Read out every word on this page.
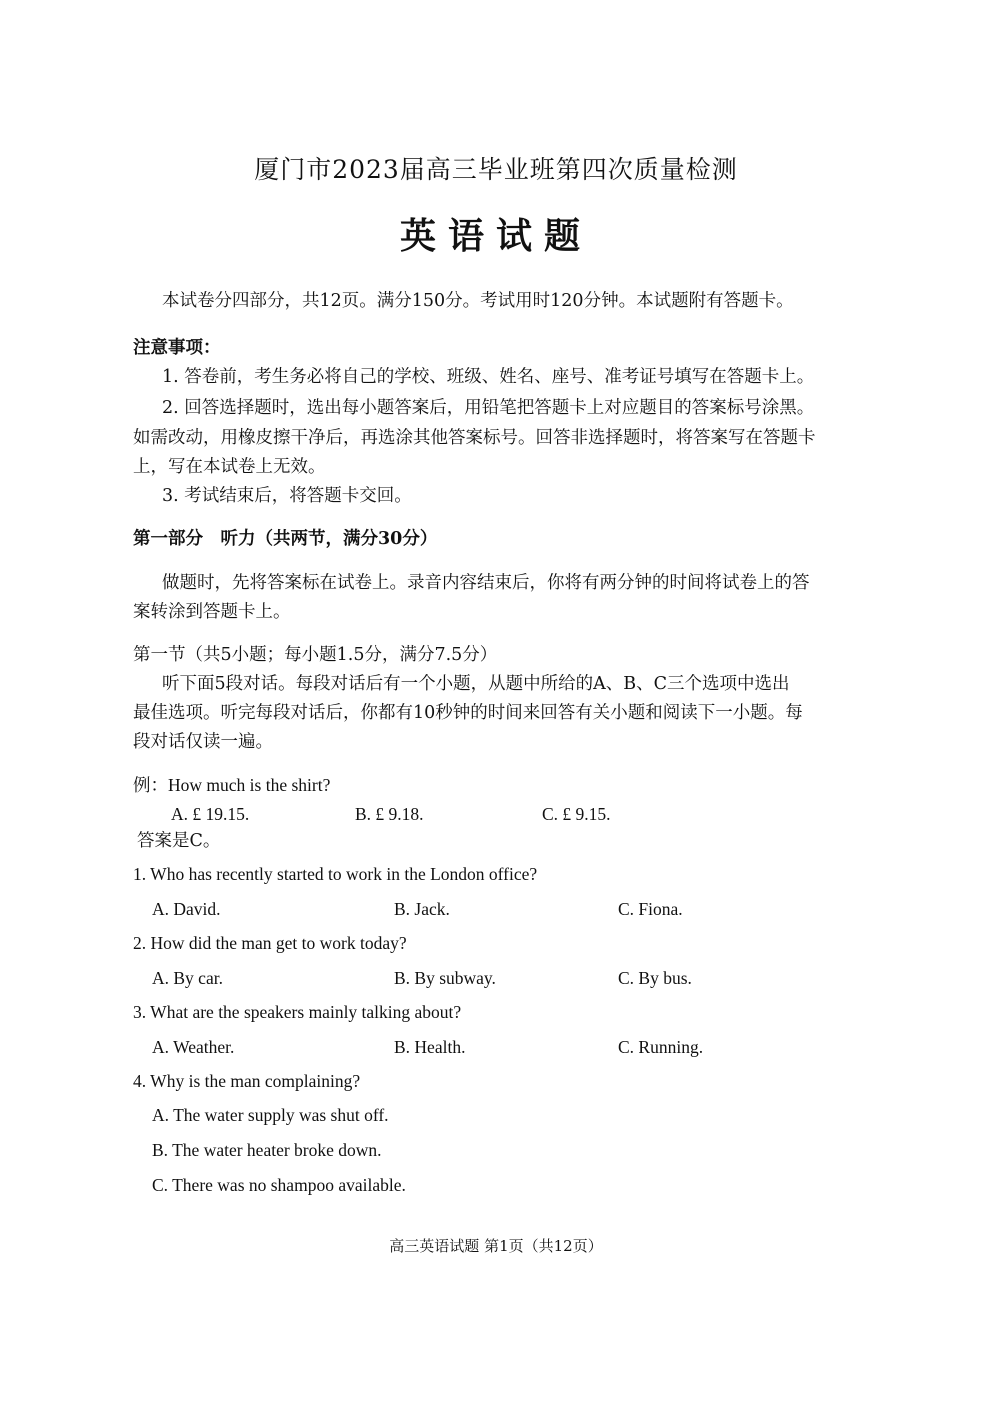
厦门市2023届高三毕业班第四次质量检测
英语试题
本试卷分四部分，共12页。满分150分。考试用时120分钟。本试题附有答题卡。
注意事项：
1. 答卷前，考生务必将自己的学校、班级、姓名、座号、准考证号填写在答题卡上。
2. 回答选择题时，选出每小题答案后，用铅笔把答题卡上对应题目的答案标号涂黑。
如需改动，用橡皮擦干净后，再选涂其他答案标号。回答非选择题时，将答案写在答题卡
上，写在本试卷上无效。
3. 考试结束后，将答题卡交回。
第一部分　听力（共两节，满分30分）
做题时，先将答案标在试卷上。录音内容结束后，你将有两分钟的时间将试卷上的答
案转涂到答题卡上。
第一节（共5小题；每小题1.5分，满分7.5分）
听下面5段对话。每段对话后有一个小题，从题中所给的A、B、C三个选项中选出
最佳选项。听完每段对话后，你都有10秒钟的时间来回答有关小题和阅读下一小题。每
段对话仅读一遍。
例：How much is the shirt?
A. £ 19.15.	B. £ 9.18.	C. £ 9.15.
答案是C。
1. Who has recently started to work in the London office?
A. David.	B. Jack.	C. Fiona.
2. How did the man get to work today?
A. By car.	B. By subway.	C. By bus.
3. What are the speakers mainly talking about?
A. Weather.	B. Health.	C. Running.
4. Why is the man complaining?
A. The water supply was shut off.
B. The water heater broke down.
C. There was no shampoo available.
高三英语试题 第1页（共12页）
